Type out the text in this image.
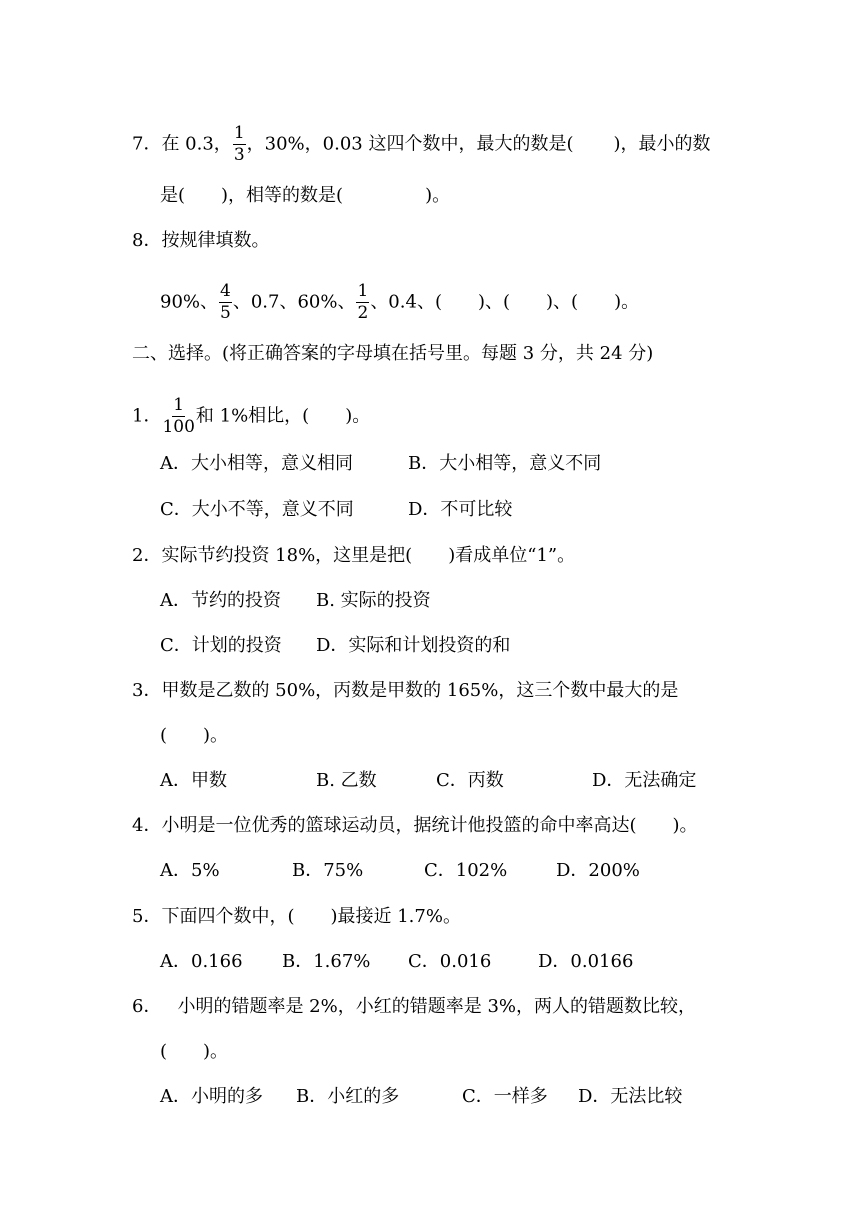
7．在 0.3， $\frac{1}{3}$ ，30%，0.03 这四个数中，最大的数是( )，最小的数
是( )，相等的数是(	)。
8．按规律填数。
90%、 $\frac{4}{5}$ 、0.7、60%、 $\frac{1}{2}$ 、0.4、( )、( )、( )。
二、选择。(将正确答案的字母填在括号里。每题 3 分，共 24 分)
1． $\frac{1}{100}$ 和 1%相比，( )。
A．大小相等，意义相同	B．大小相等，意义不同
C．大小不等，意义不同	D．不可比较
2．实际节约投资 18%，这里是把( )看成单位“1”。
A．节约的投资 B. 实际的投资
C．计划的投资 D．实际和计划投资的和
3．甲数是乙数的 50%，丙数是甲数的 165%，这三个数中最大的是
( )。
A．甲数	B. 乙数	C．丙数	D．无法确定
4．小明是一位优秀的篮球运动员，据统计他投篮的命中率高达( )。
A．5%	B．75%	C．102%	D．200%
5．下面四个数中，( )最接近 1.7%。
A．0.166 B．1.67% C．0.016	D．0.0166
6． 小明的错题率是 2%，小红的错题率是 3%，两人的错题数比较，
( )。
A．小明的多 B．小红的多	C．一样多 D．无法比较
